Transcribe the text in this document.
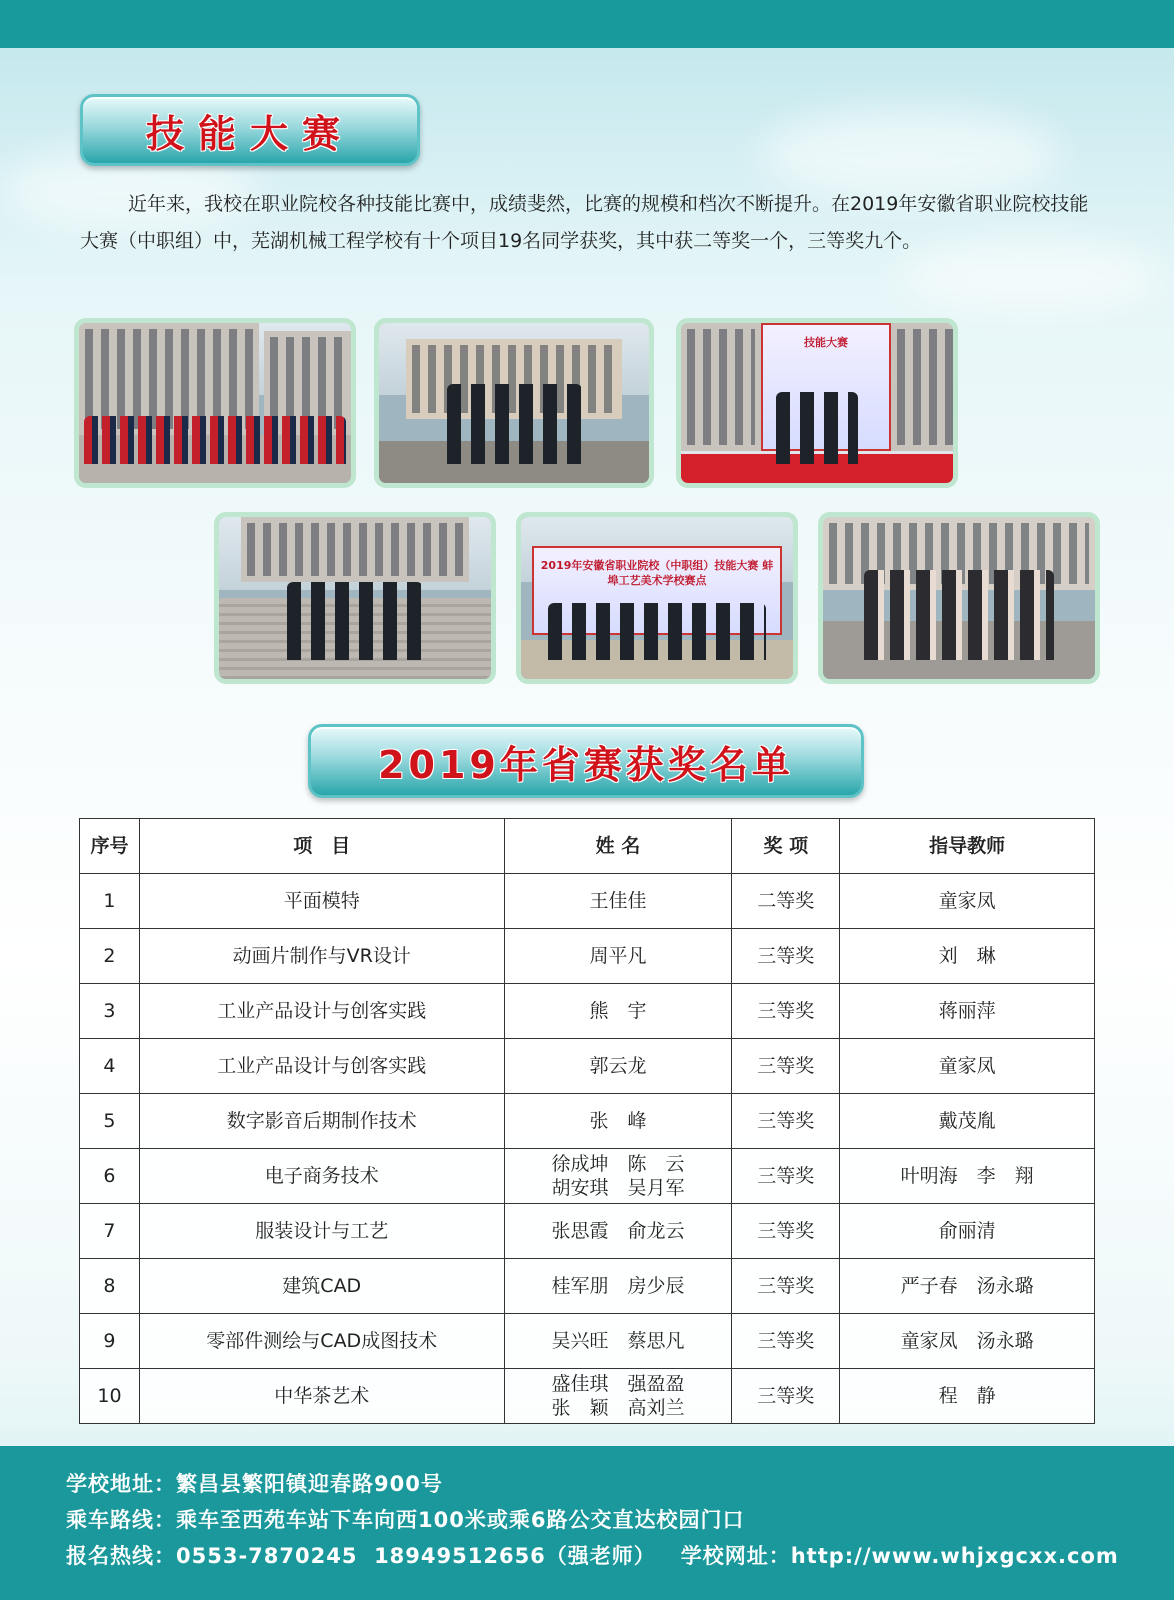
技能大赛

近年来，我校在职业院校各种技能比赛中，成绩斐然，比赛的规模和档次不断提升。在2019年安徽省职业院校技能大赛（中职组）中，芜湖机械工程学校有十个项目19名同学获奖，其中获二等奖一个，三等奖九个。

技能大赛
2019年安徽省职业院校（中职组）技能大赛 蚌埠工艺美术学校赛点
2019年省赛获奖名单
序号	项　目	姓 名	奖 项	指导教师
1	平面模特	王佳佳	二等奖	童家凤
2	动画片制作与VR设计	周平凡	三等奖	刘　琳
3	工业产品设计与创客实践	熊　宇	三等奖	蒋丽萍
4	工业产品设计与创客实践	郭云龙	三等奖	童家凤
5	数字影音后期制作技术	张　峰	三等奖	戴茂胤
6	电子商务技术	徐成坤　陈　云
胡安琪　吴月军	三等奖	叶明海　李　翔
7	服装设计与工艺	张思霞　俞龙云	三等奖	俞丽清
8	建筑CAD	桂军朋　房少辰	三等奖	严子春　汤永璐
9	零部件测绘与CAD成图技术	吴兴旺　蔡思凡	三等奖	童家凤　汤永璐
10	中华茶艺术	盛佳琪　强盈盈
张　颖　高刘兰	三等奖	程　静
学校地址：繁昌县繁阳镇迎春路900号
乘车路线：乘车至西苑车站下车向西100米或乘6路公交直达校园门口
报名热线：0553-7870245  18949512656（强老师）   学校网址：http://www.whjxgcxx.com
